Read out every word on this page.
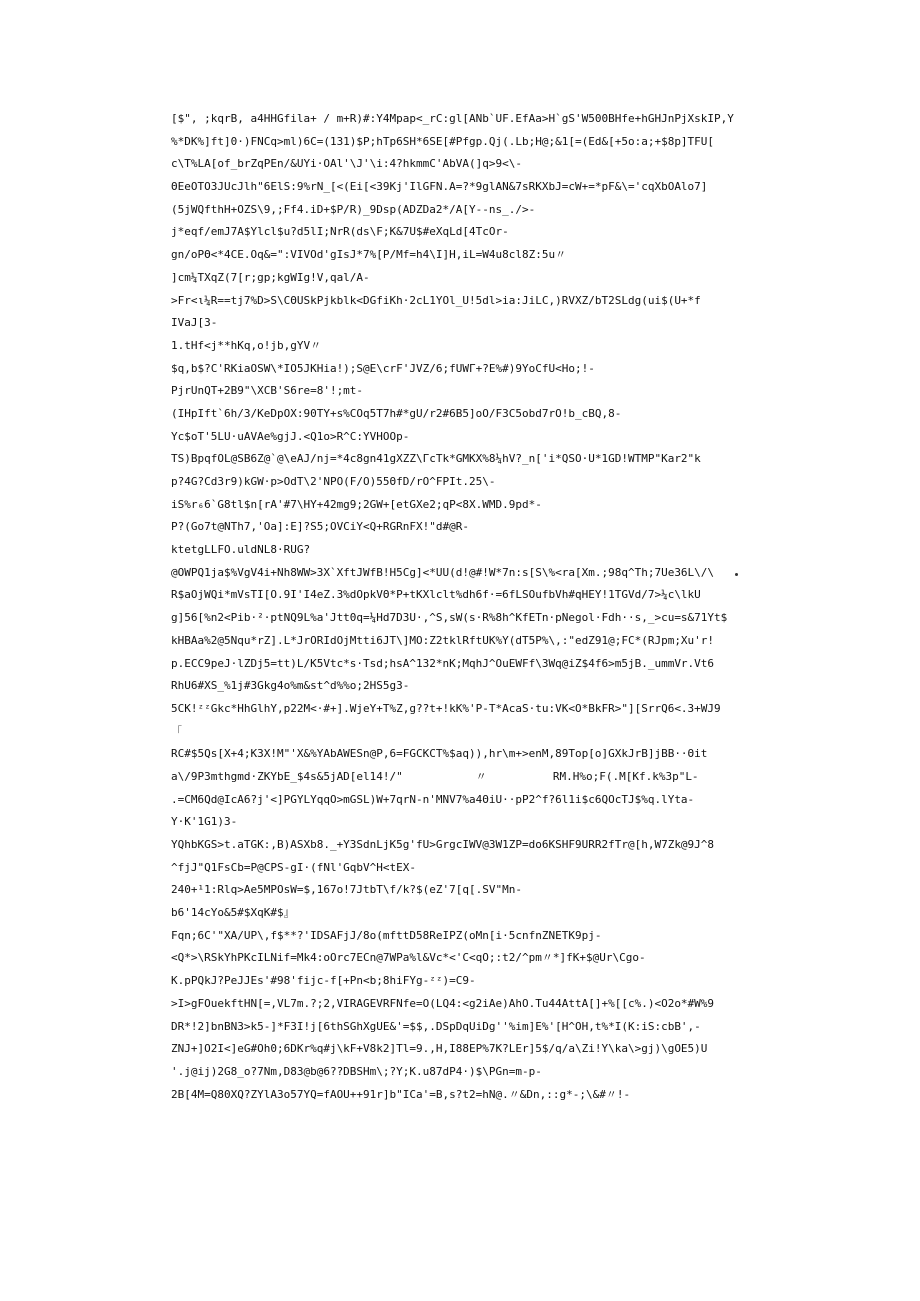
[$", ;kqrB, a4HHGfila+ / m+R)#:Y4Mpap<_rC:gl[ANb`UF.EfAa>H`gS'W500BHfe+hGHJnPjXskIP,Y
%*DK%]ft]0·)FNCq>ml)6C=(131)$P;hTp6SH*6SE[#Pfgp.Qj(.Lb;H@;&1[=(Ed&[+5o:a;+$8p]TFU[
c\T%LA[of_brZqPEn/&UYi·OAl'\J'\i:4?hkmmC'AbVA(]q>9<\-
ΘEeOTO3JUcJlh"6ElS:9%rN_[<(Ei[<39Kj'IlGFN.A=?*9glAN&7sRKXbJ=cW+=*pF&\='cqXbOAlo7]
(5jWQfthH+OZS\9,;Ff4.iD+$P/R)_9Dsp(ADZDa2*/A[Y--ns_./>-
j*eqf/emJ7A$Ylcl$u?d5lI;NrR(ds\F;K&7U$#eXqLd[4TcOr-
gn/oPΘ<*4CE.Oq&=":VIVOd'gIsJ*7%[P/Mf=h4\I]H,iL=W4u8cl8Z:5u〃
]cm¼TXqZ(7[r;gp;kgWIg!V,qal/A-
>Fr<ι¼R==tj7%D>S\CΘUSkPjkblk<DGfiKh·2cL1YOl_U!5dl>ia:JiLC,)RVXZ/bT2SLdg(ui$(U+*f
IVaJ[3-
1.tHf<j**hKq,o!jb,gYV〃
$q,b$?C'RKiaOSW\*IO5JKHia!);S@E\crF'JVZ/6;fUWΓ+?E%#)9YoCfU<Ho;!-
PjrUnQT+2B9"\XCB'S6re=8'!;mt-
(IHpIft`6h/3/KeDpOX:90TY+s%COq5T7h#*gU/r2#6B5]oO/F3C5obd7rO!b_cBQ,8-
Yc$oT'5LU·uAVAe%gjJ.<Q1o>R^C:YVHOOp-
TS)BpqfOL@SB6Z@`@\eAJ/nj=*4c8gn41gXZZ\ΓcTk*GMKX%8¼hV?_n['i*QSO·U*1GD!WTMP"Kar2"k
p?4G?Cd3r9)kGW·p>OdT\2'NPO(F/O)55ΘfD/rO^FPIt.25\-
iS%r₆6`G8tl$n[rA'#7\HY+42mg9;2GW+[etGXe2;qP<8X.WMD.9pd*-
P?(Go7t@NTh7,'Oa]:E]?S5;OVCiY<Q+RGRnFX!"d#@R-
ktetgLLFO.uldNL8·RUG?
@OWPQ1ja$%VgV4i+Nh8WW>3X`XftJWfB!H5Cg]<*UU(d!@#!W*7n:s[S\%<ra[Xm.;98q^Th;7Ue36L\/\
R$aOjWQi*mVsTI[O.9I'I4eZ.3%dOpkVΘ*P+tKXlclt%dh6f·=6fLSOufbVh#qHEY!1TGVd/7>¼c\lkU
g]56[%n2<Pib·²·ptNQ9L%a'Jtt0q=¼Hd7D3U·,^S,sW(s·R%8h^KfETn·pNegol·Fdh··s,_>cu=s&71Yt$
kHBAa%2@5Nqu*rZ].L*JrORIdOjMtti6JT\]MO:Z2tklRftUK%Y(dT5P%\,:"edZ91@;FC*(RJpm;Xu'r!
p.ECC9peJ·lZDj5=tt)L/K5Vtc*s·Tsd;hsA^132*nK;MqhJ^OuEWFf\3Wq@iZ$4f6>m5jB._ummVr.Vt6
RhU6#XS_%1j#3Gkg4o%m&st^d%%o;2HS5g3-
5CK!ᶻᶻGkc*HhGlhY,p22M<·#+].WjeY+T%Z,g??t+!kK%'P-T*AcaS·tu:VK<O*BkFR>"][SrrQ6<.3+WJ9
「
RC#$5Qs[X+4;K3X!M"'X&%YAbAWESn@P,6=FGCKCT%$aq)),hr\m+>enM,89Top[o]GXkJrB]jBB··Θit
a\/9P3mthgmd·ZKYbE_$4s&5jAD[el14!/"           〃          RM.H%o;F(.M[Kf.k%3p"L-
.=CM6Qd@IcA6?j'<]PGYLYqqO>mGSL)W+7qrN-n'MNV7%a4ΘiU··pP2^f?6l1i$c6QOcTJ$%q.lYta-
Y·K'1G1)3-
YQhbKGS>t.aTGK:,B)ASXb8._+Y3SdnLjK5g'fU>GrgcIWV@3W1ZP=do6KSHF9URR2fTr@[h,W7Zk@9J^8
^fjJ"Q1FsCb=P@CPS-gI·(fNl'GqbV^H<tEX-
240+¹1:Rlq>Ae5MPOsW=$,167o!7JtbT\f/k?$(eZ'7[q[.SV"Mn-
b6'14cYo&5#$XqK#$』
Fqn;6C'"XA/UP\,f$**?'IDSAFjJ/8o(mfttD58ReIPZ(oMn[i·5cnfnZNETK9pj-
<Q*>\RSkYhPKcILNif=Mk4:oOrc7ECn@7WPa%l&Vc*<'C<qO;:t2/^pm〃*]fK+$@Ur\Cgo-
K.pPQkJ?PeJJEs'#98'fijc-f[+Pn<b;8hiFYg-ᶻᶻ)=C9-
>I>gFOuekftHN[=,VL7m.?;2,VIRAGEVRFNfe=O(LQ4:<g2iAe)AhO.Tu44AttA[]+%[[c%.)<O2o*#W%9
DR*!2]bnBN3>k5-]*F3I!j[6thSGhXgUE&'=$$,.DSpDqUiDg''%im]E%'[H^OH,t%*I(K:iS:cbB',-
ZNJ+]O2I<]eG#Oh0;6DKr%q#j\kF+V8k2]Tl=9.,H,I88EP%7K?LEr]5$/q/a\Zi!Y\ka\>gj)\gOE5)U
'.j@ij)2G8_o?7Nm,D83@b@6??DBSHm\;?Y;K.u87dP4·)$\PGn=m-p-
2B[4M=Q80XQ?ZYlA3o57YQ=fAOU++91r]b"ICa'=B,s?t2=hN@.〃&Dn,::g*-;\&#〃!-
